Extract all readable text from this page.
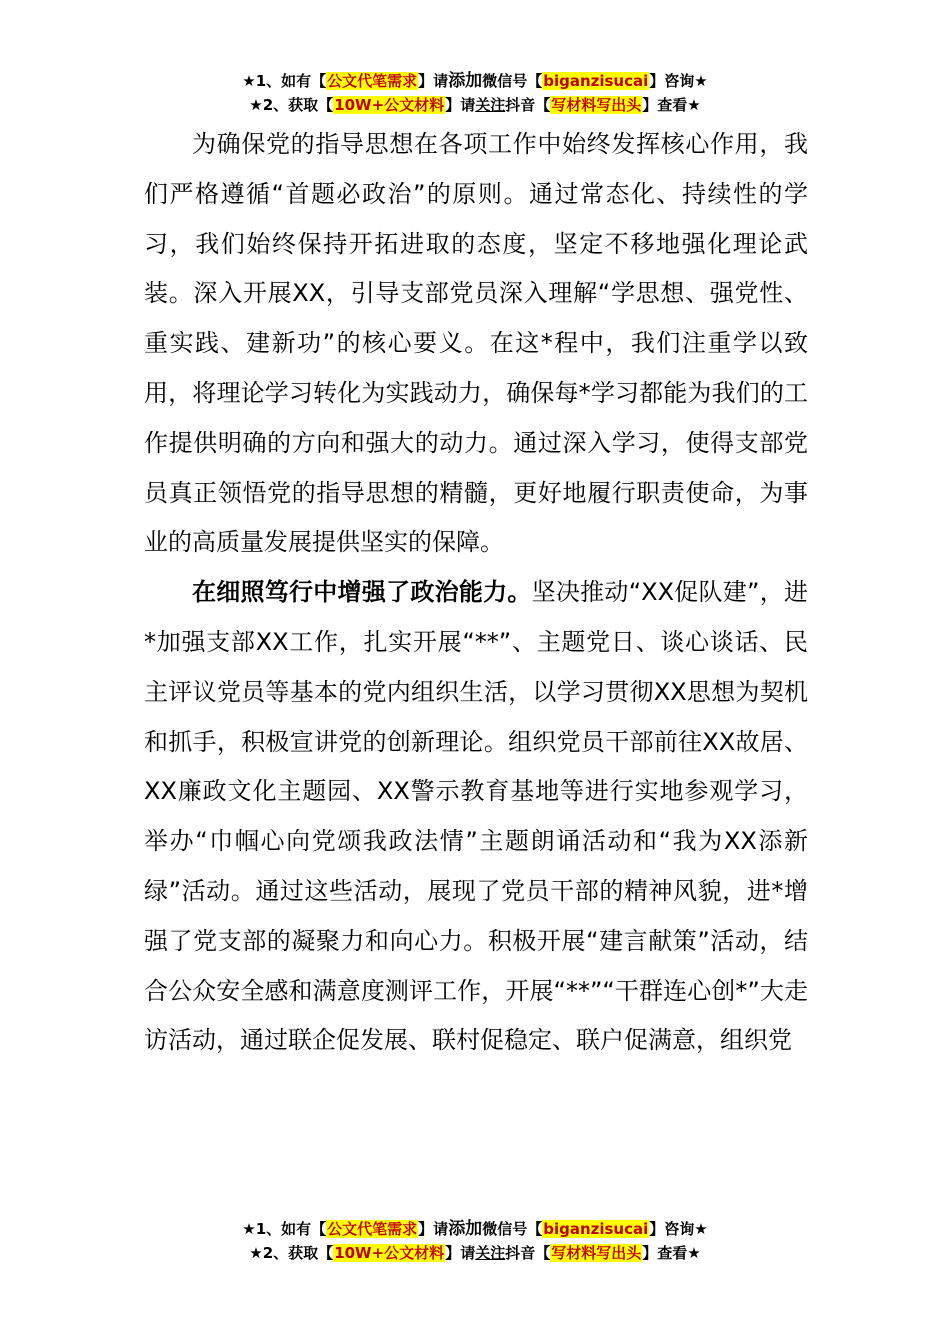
★1、如有【公文代笔需求】请添加微信号【biganzisucai】咨询★
★2、获取【10W+公文材料】请关注抖音【写材料写出头】查看★

为确保党的指导思想在各项工作中始终发挥核心作用，我们严格遵循“首题必政治”的原则。通过常态化、持续性的学习，我们始终保持开拓进取的态度，坚定不移地强化理论武装。深入开展XX，引导支部党员深入理解“学思想、强党性、重实践、建新功”的核心要义。在这*程中，我们注重学以致用，将理论学习转化为实践动力，确保每*学习都能为我们的工作提供明确的方向和强大的动力。通过深入学习，使得支部党员真正领悟党的指导思想的精髓，更好地履行职责使命，为事业的高质量发展提供坚实的保障。

在细照笃行中增强了政治能力。坚决推动“XX促队建”，进*加强支部XX工作，扎实开展“**”、主题党日、谈心谈话、民主评议党员等基本的党内组织生活，以学习贯彻XX思想为契机和抓手，积极宣讲党的创新理论。组织党员干部前往XX故居、XX廉政文化主题园、XX警示教育基地等进行实地参观学习，举办“巾帼心向党颂我政法情”主题朗诵活动和“我为XX添新绿”活动。通过这些活动，展现了党员干部的精神风貌，进*增强了党支部的凝聚力和向心力。积极开展“建言献策”活动，结合公众安全感和满意度测评工作，开展“**”“干群连心创*”大走访活动，通过联企促发展、联村促稳定、联户促满意，组织党

★1、如有【公文代笔需求】请添加微信号【biganzisucai】咨询★
★2、获取【10W+公文材料】请关注抖音【写材料写出头】查看★
